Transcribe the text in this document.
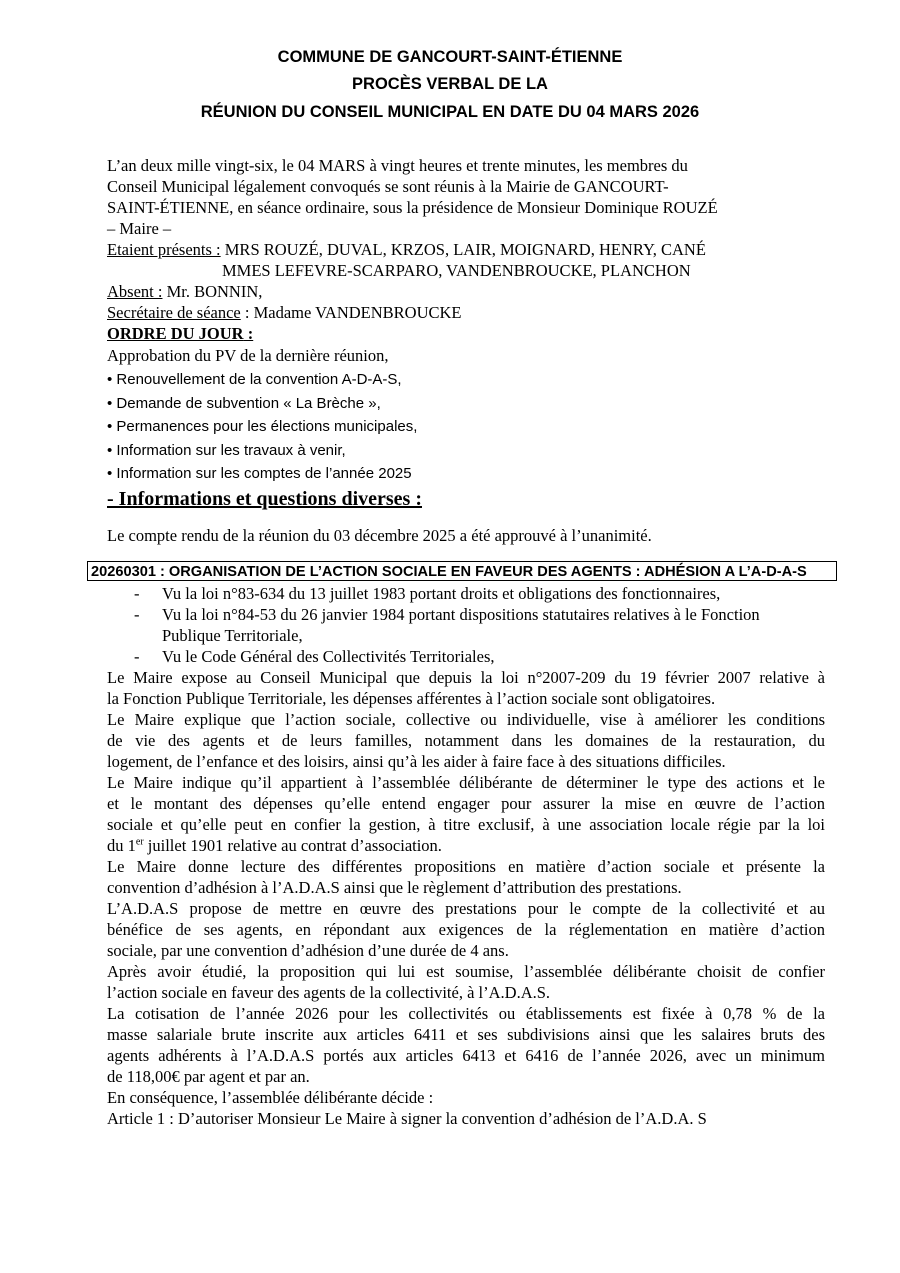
COMMUNE DE GANCOURT-SAINT-ÉTIENNE
PROCÈS VERBAL DE LA
RÉUNION DU CONSEIL MUNICIPAL EN DATE DU 04 MARS 2026
L’an deux mille vingt-six, le 04 MARS à vingt heures et trente minutes, les membres du
Conseil Municipal légalement convoqués se sont réunis à la Mairie de GANCOURT-
SAINT-ÉTIENNE, en séance ordinaire, sous la présidence de Monsieur Dominique ROUZÉ
– Maire –
Etaient présents : MRS ROUZÉ, DUVAL, KRZOS, LAIR, MOIGNARD, HENRY, CANÉ
MMES LEFEVRE-SCARPARO, VANDENBROUCKE, PLANCHON
Absent : Mr. BONNIN,
Secrétaire de séance : Madame VANDENBROUCKE
ORDRE DU JOUR :
Approbation du PV de la dernière réunion,
• Renouvellement de la convention A-D-A-S,
• Demande de subvention « La Brèche »,
• Permanences pour les élections municipales,
• Information sur les travaux à venir,
• Information sur les comptes de l’année 2025
- Informations et questions diverses :
Le compte rendu de la réunion du 03 décembre 2025 a été approuvé à l’unanimité.
20260301 : ORGANISATION DE L’ACTION SOCIALE EN FAVEUR DES AGENTS : ADHÉSION A L’A-D-A-S
- Vu la loi n°83-634 du 13 juillet 1983 portant droits et obligations des fonctionnaires,
- Vu la loi n°84-53 du 26 janvier 1984 portant dispositions statutaires relatives à le Fonction
Publique Territoriale,
- Vu le Code Général des Collectivités Territoriales,
Le Maire expose au Conseil Municipal que depuis la loi n°2007-209 du 19 février 2007 relative à
la Fonction Publique Territoriale, les dépenses afférentes à l’action sociale sont obligatoires.
Le Maire explique que l’action sociale, collective ou individuelle, vise à améliorer les conditions
de vie des agents et de leurs familles, notamment dans les domaines de la restauration, du
logement, de l’enfance et des loisirs, ainsi qu’à les aider à faire face à des situations difficiles.
Le Maire indique qu’il appartient à l’assemblée délibérante de déterminer le type des actions et le
et le montant des dépenses qu’elle entend engager pour assurer la mise en œuvre de l’action
sociale et qu’elle peut en confier la gestion, à titre exclusif, à une association locale régie par la loi
du 1er juillet 1901 relative au contrat d’association.
Le Maire donne lecture des différentes propositions en matière d’action sociale et présente la
convention d’adhésion à l’A.D.A.S ainsi que le règlement d’attribution des prestations.
L’A.D.A.S propose de mettre en œuvre des prestations pour le compte de la collectivité et au
bénéfice de ses agents, en répondant aux exigences de la réglementation en matière d’action
sociale, par une convention d’adhésion d’une durée de 4 ans.
Après avoir étudié, la proposition qui lui est soumise, l’assemblée délibérante choisit de confier
l’action sociale en faveur des agents de la collectivité, à l’A.D.A.S.
La cotisation de l’année 2026 pour les collectivités ou établissements est fixée à 0,78 % de la
masse salariale brute inscrite aux articles 6411 et ses subdivisions ainsi que les salaires bruts des
agents adhérents à l’A.D.A.S portés aux articles 6413 et 6416 de l’année 2026, avec un minimum
de 118,00€ par agent et par an.
En conséquence, l’assemblée délibérante décide :
Article 1 : D’autoriser Monsieur Le Maire à signer la convention d’adhésion de l’A.D.A. S
